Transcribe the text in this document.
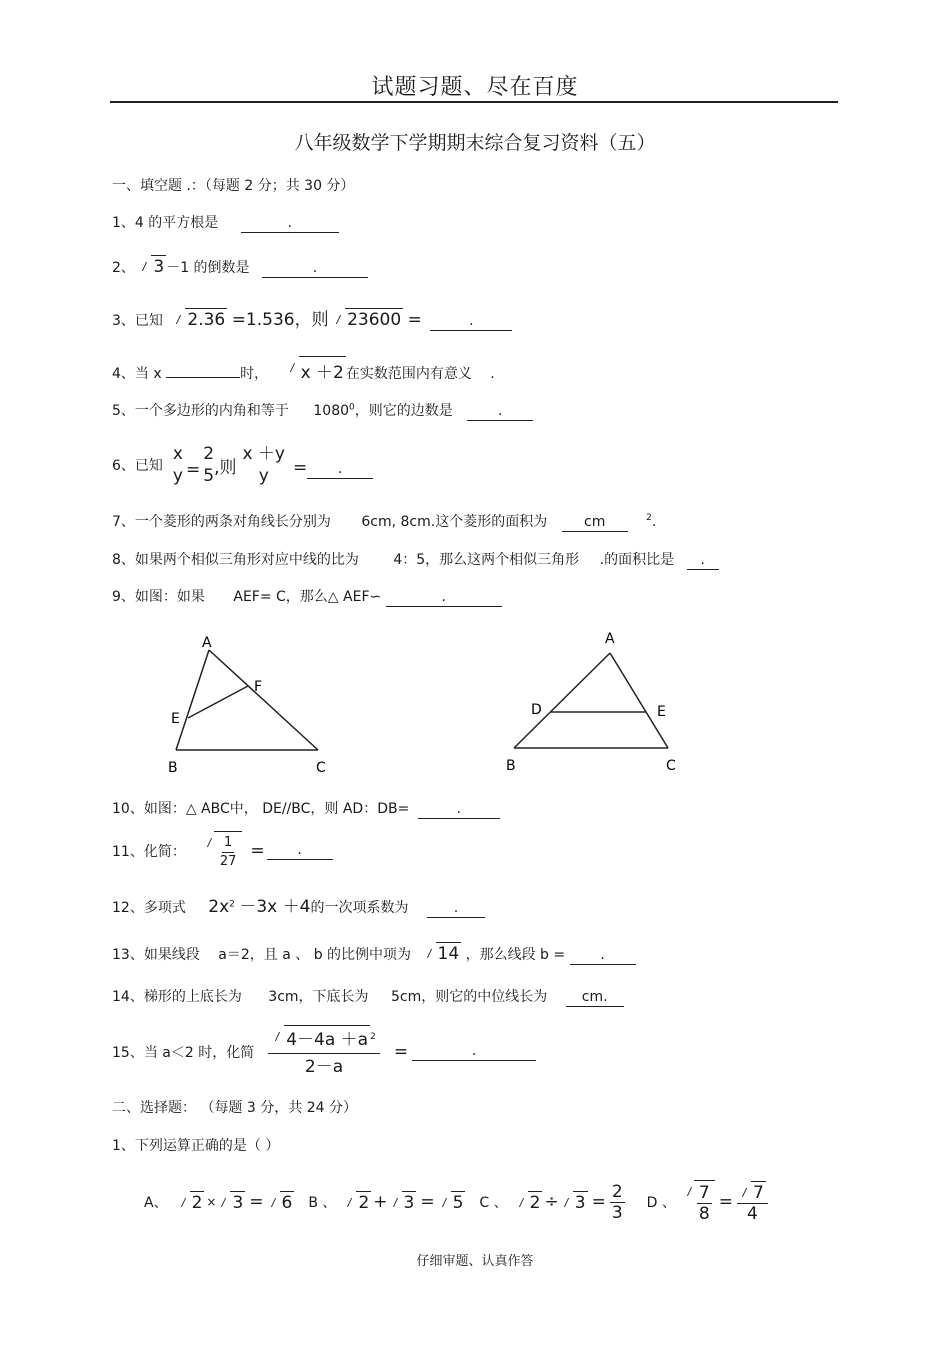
试题习题、尽在百度
八年级数学下学期期末综合复习资料（五）
一、填空题 .：（每题 2 分；共 30 分）
1、4 的平方根是	.
2、 3 －1 的倒数是	.
3、已知 2.36 =1.536，则 23600 =	.
4、当 x	时， x ＋2 在实数范围内有意义 .
5、一个多边形的内角和等于 1080$^0$，则它的边数是	.
6、已知
x
y =
2
5 ,则
x ＋y
y =	.
7、一个菱形的两条对角线长分别为 6cm, 8cm.这个菱形的面积为	cm	$^2$.
8、如果两个相似三角形对应中线的比为 4：5，那么这两个相似三角形 .的面积比是 .
9、如图：如果 AEF= C，那么△ AEF∽	.
A
B	C
E
F
A
B	C
D	E
10、如图：△ ABC中， DE//BC，则 AD：DB=	.
11、化简： $\frac{1}{27}$ =	.
12、多项式 $2x^2 -3x +4$的一次项系数为	.
13、如果线段 a＝2，且 a 、 b 的比例中项为 14 ，那么线段 b =	.
14、梯形的上底长为 3cm，下底长为 5cm，则它的中位线长为 cm.
15、当 a＜2 时，化简 $\frac{4-4a +a ^2}{2-a}$ =	.
二、选择题： （每题 3 分，共 24 分）
1、下列运算正确的是（ ）
A、	2 × 3 =	6 B 、	2 + 3 =	5 C 、	$2 \div 3 = \frac{2}{3}$ D 、 $\frac{7}{8} = \frac{7}{4}$
仔细审题、认真作答
